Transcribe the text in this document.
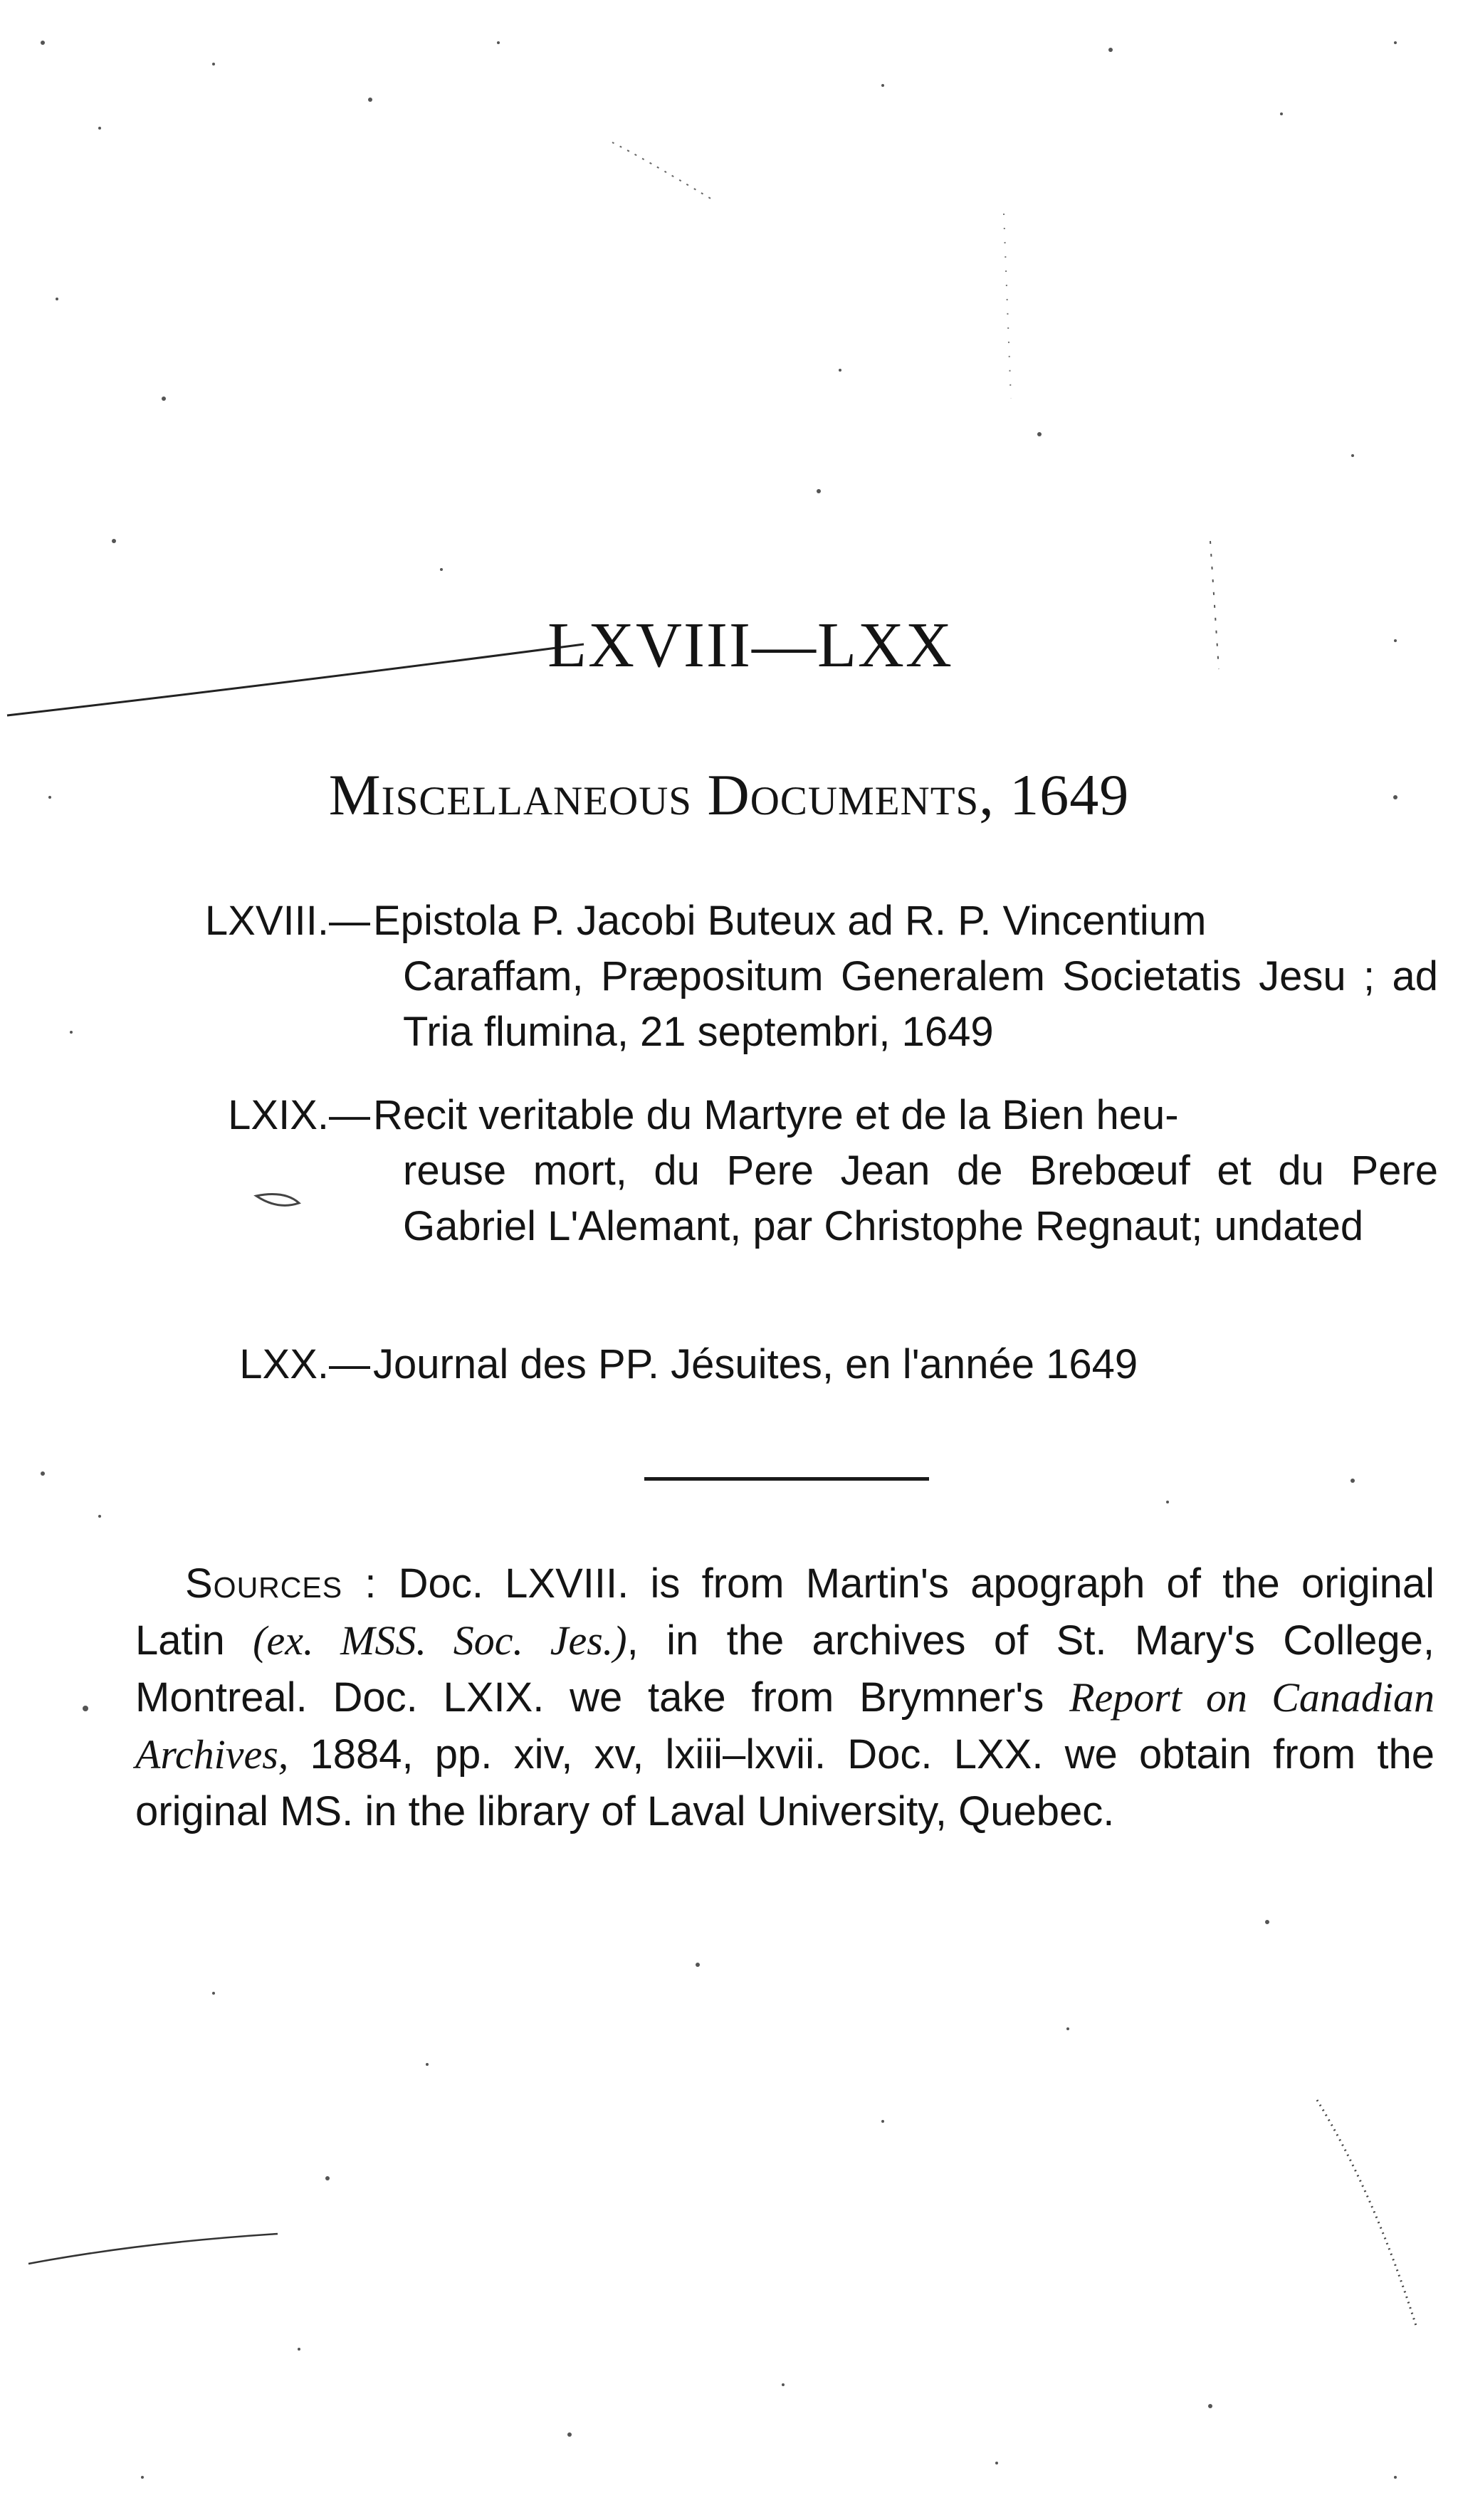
LXVIII—LXX
Miscellaneous Documents, 1649
LXVIII.— Epistola P. Jacobi Buteux ad R. P. Vincentium
Caraffam, Præpositum Generalem Societatis Jesu ; ad Tria flumina, 21 septembri, 1649
LXIX.— Recit veritable du Martyre et de la Bien heu-
reuse mort, du Pere Jean de Brebœuf et du Pere Gabriel L'Alemant, par Christophe Regnaut; undated
LXX.— Journal des PP. Jésuites, en l'année 1649
Sources : Doc. LXVIII. is from Martin's apograph of the original Latin (ex. MSS. Soc. Jes.), in the archives of St. Mary's College, Montreal. Doc. LXIX. we take from Brymner's Report on Canadian Archives, 1884, pp. xiv, xv, lxiii–lxvii. Doc. LXX. we obtain from the original MS. in the library of Laval University, Quebec.
